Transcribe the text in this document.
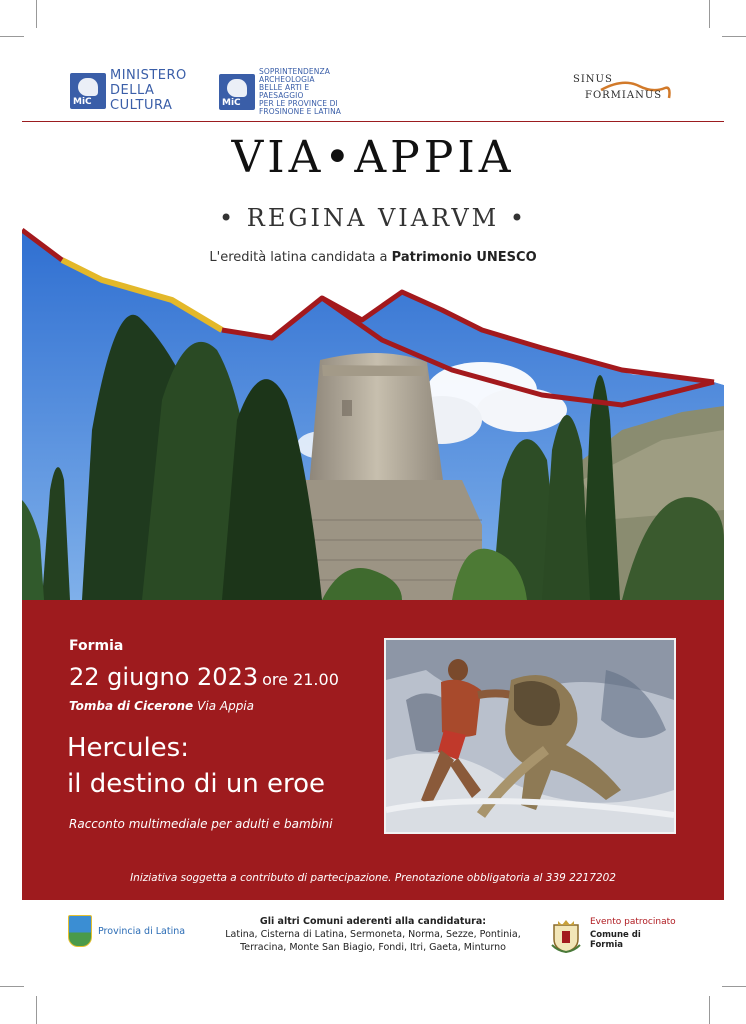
MiC
MINISTERO
DELLA
CULTURA	MiC
SOPRINTENDENZA
ARCHEOLOGIA
BELLE ARTI E
PAESAGGIO
PER LE PROVINCE DI
FROSINONE E LATINA
SINUS
FORMIANUS
VIA•APPIA
• REGINA VIARVM •
L'eredità latina candidata a Patrimonio UNESCO
Formia
22 giugno 2023 ore 21.00
Tomba di Cicerone Via Appia
Hercules:
il destino di un eroe
Racconto multimediale per adulti e bambini
Iniziativa soggetta a contributo di partecipazione. Prenotazione obbligatoria al 339 2217202
Provincia di Latina
Gli altri Comuni aderenti alla candidatura:
Latina, Cisterna di Latina, Sermoneta, Norma, Sezze, Pontinia,
Terracina, Monte San Biagio, Fondi, Itri, Gaeta, Minturno
Evento patrocinato
Comune di Formia
